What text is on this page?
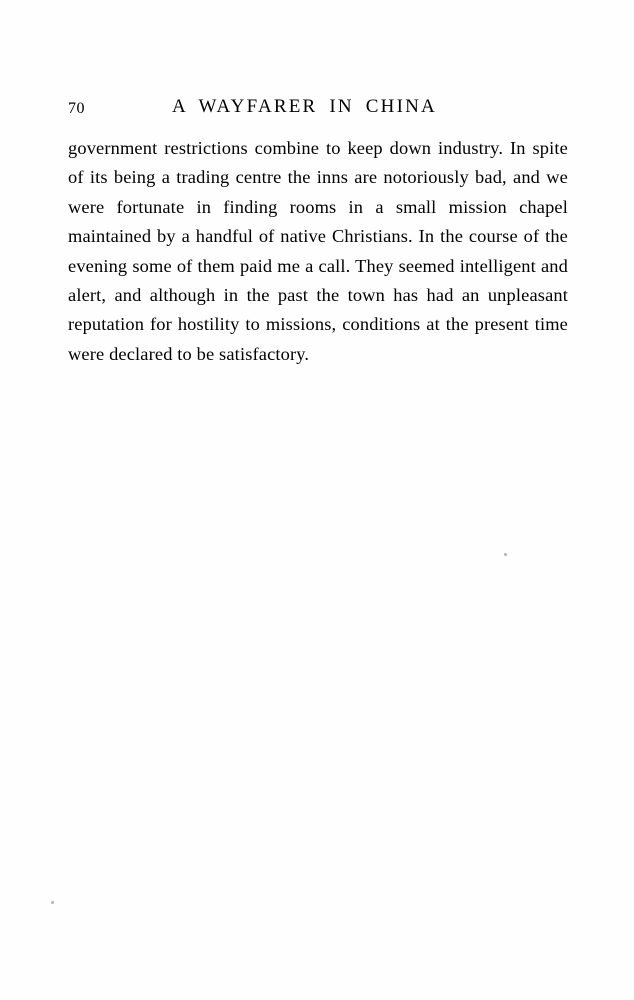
70	A WAYFARER IN CHINA

government restrictions combine to keep down industry. In spite of its being a trading centre the inns are notoriously bad, and we were fortunate in finding rooms in a small mission chapel maintained by a handful of native Christians. In the course of the evening some of them paid me a call. They seemed intelligent and alert, and although in the past the town has had an unpleasant reputation for hostility to missions, conditions at the present time were declared to be satisfactory.
